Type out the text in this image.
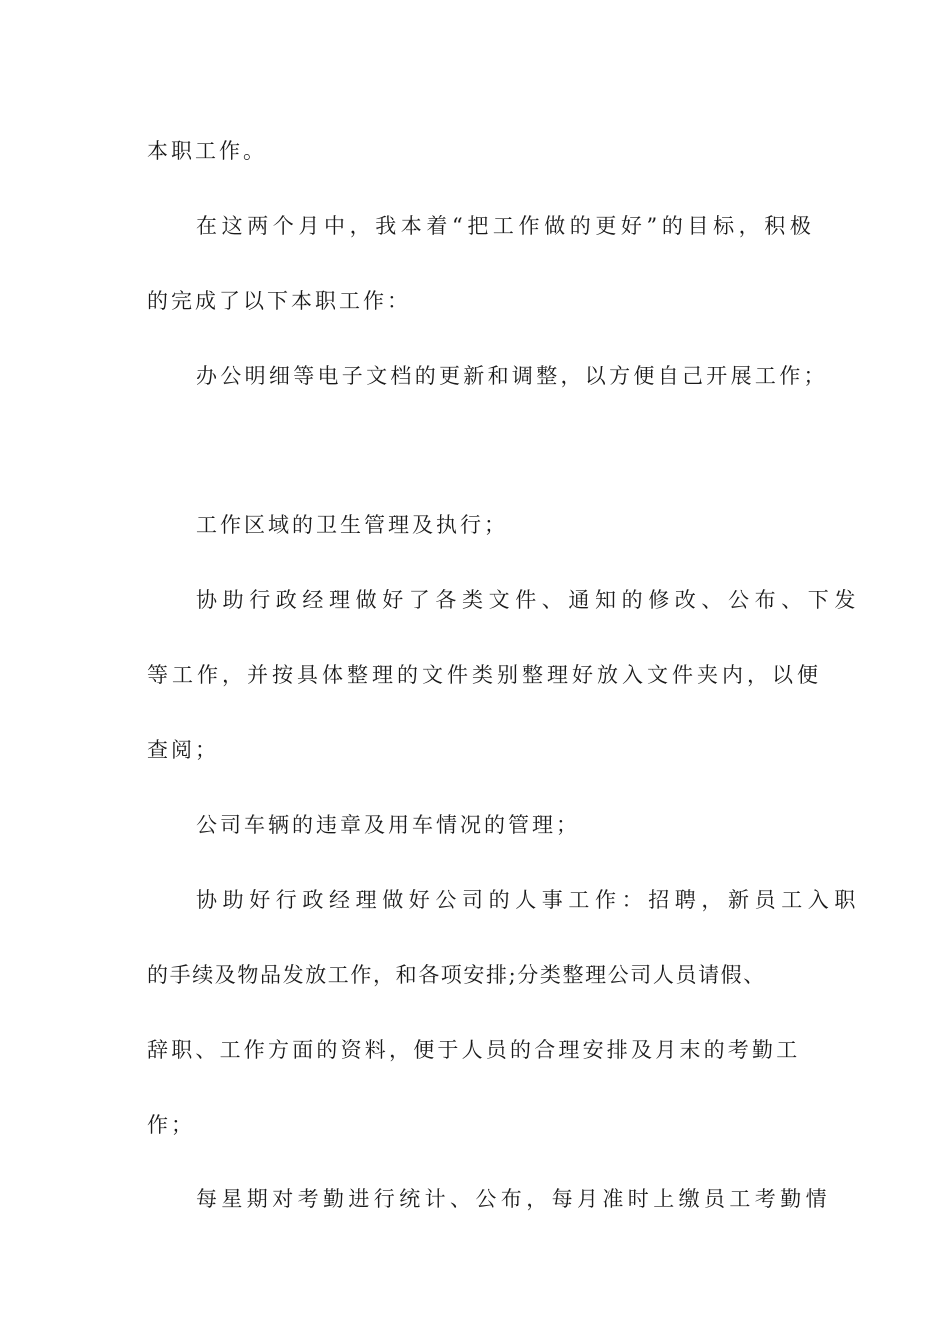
本职工作。
在这两个月中，我本着“把工作做的更好”的目标，积极
的完成了以下本职工作：
办公明细等电子文档的更新和调整，以方便自己开展工作；
工作区域的卫生管理及执行；
协助行政经理做好了各类文件、通知的修改、公布、下发
等工作，并按具体整理的文件类别整理好放入文件夹内，以便
查阅；
公司车辆的违章及用车情况的管理；
协助好行政经理做好公司的人事工作：招聘，新员工入职
的手续及物品发放工作，和各项安排;分类整理公司人员请假、
辞职、工作方面的资料，便于人员的合理安排及月末的考勤工
作；
每星期对考勤进行统计、公布，每月准时上缴员工考勤情
